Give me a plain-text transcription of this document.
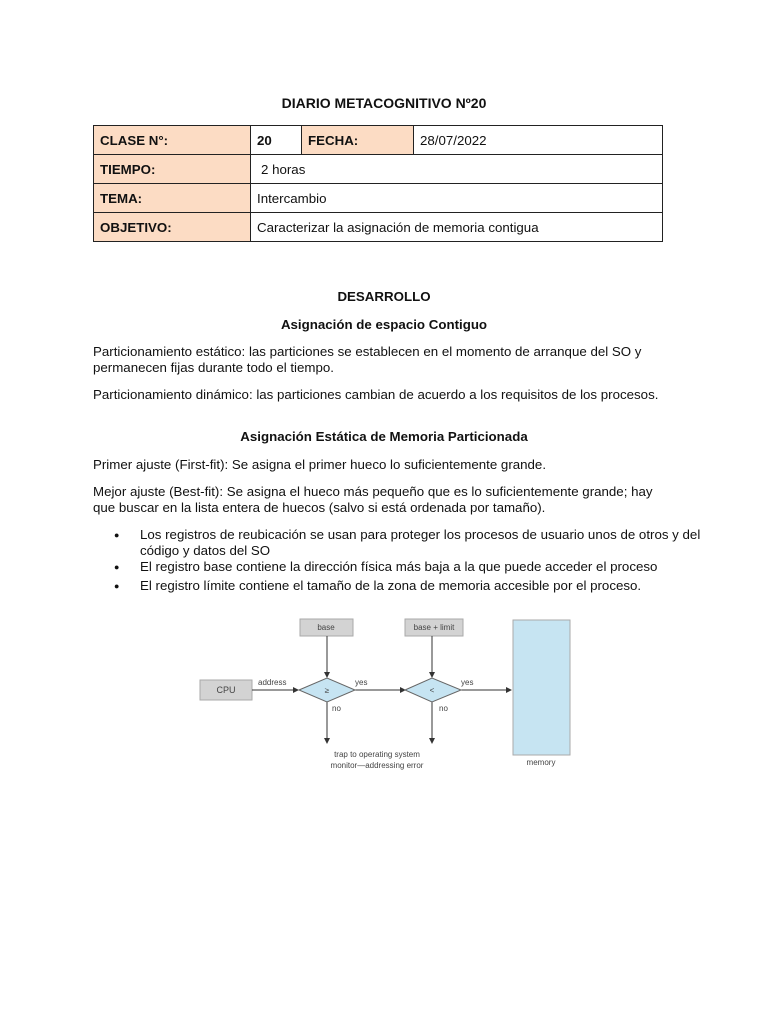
DIARIO METACOGNITIVO Nº20
CLASE N°:	20	FECHA:	28/07/2022
TIEMPO:	2 horas		
TEMA:	Intercambio		
OBJETIVO:	Caracterizar la asignación de memoria contigua		
DESARROLLO
Asignación de espacio Contiguo
Particionamiento estático: las particiones se establecen en el momento de arranque del SO y permanecen fijas durante todo el tiempo.
Particionamiento dinámico: las particiones cambian de acuerdo a los requisitos de los procesos.
Asignación Estática de Memoria Particionada
Primer ajuste (First-fit): Se asigna el primer hueco lo suficientemente grande.
Mejor ajuste (Best-fit): Se asigna el hueco más pequeño que es lo suficientemente grande; hay que buscar en la lista entera de huecos (salvo si está ordenada por tamaño).
● Los registros de reubicación se usan para proteger los procesos de usuario unos de otros y del código y datos del SO
● El registro base contiene la dirección física más baja a la que puede acceder el proceso
● El registro límite contiene el tamaño de la zona de memoria accesible por el proceso.
base	base + limit
CPU
memory
≥	<
address	yes	yes
no	no
trap to operating system
monitor—addressing error
